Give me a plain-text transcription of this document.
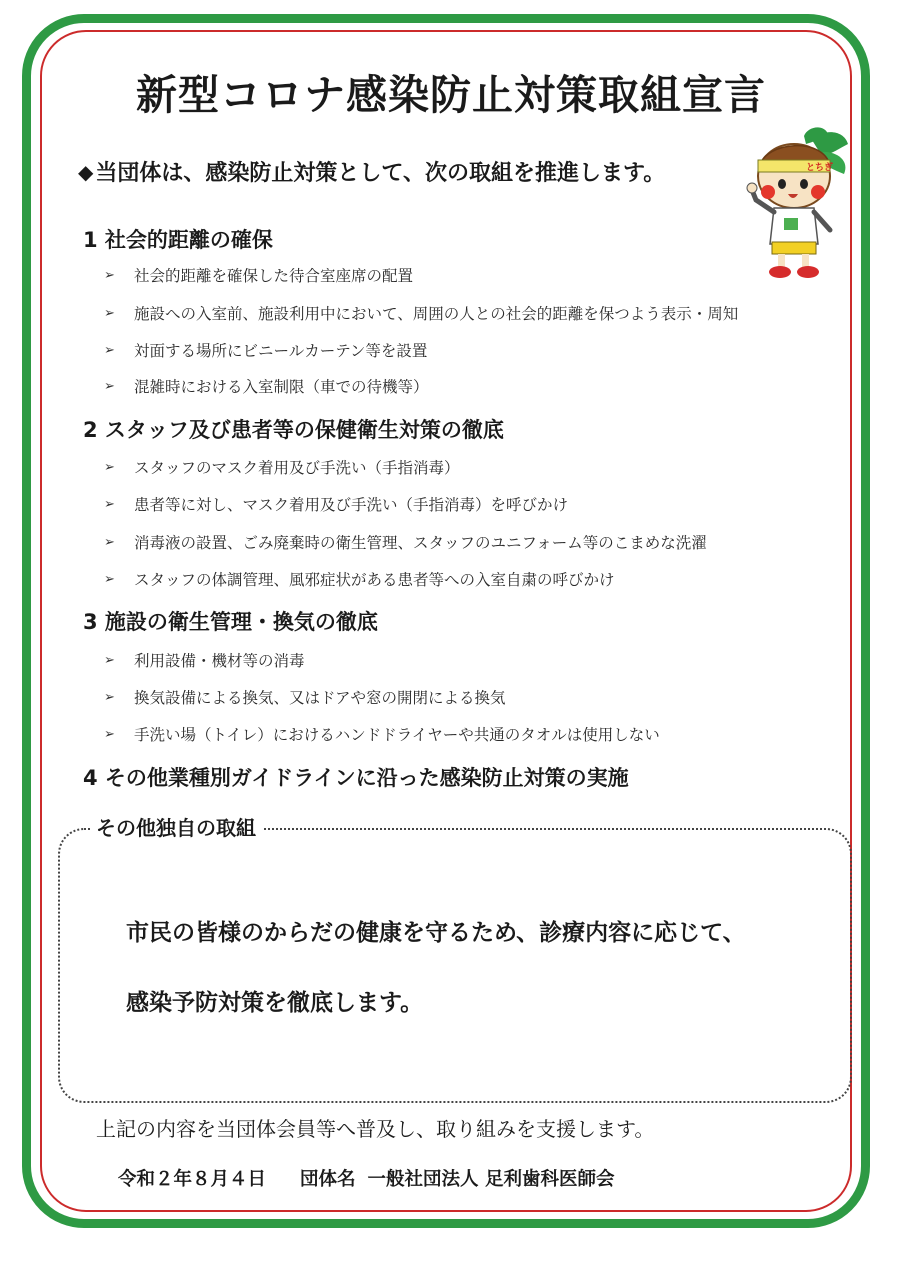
新型コロナ感染防止対策取組宣言
◆ 当団体は、感染防止対策として、次の取組を推進します。	とちぎ
1 社会的距離の確保
➢	社会的距離を確保した待合室座席の配置
➢	施設への入室前、施設利用中において、周囲の人との社会的距離を保つよう表示・周知
➢	対面する場所にビニールカーテン等を設置
➢	混雑時における入室制限（車での待機等）
2 スタッフ及び患者等の保健衛生対策の徹底
➢	スタッフのマスク着用及び手洗い（手指消毒）
➢	患者等に対し、マスク着用及び手洗い（手指消毒）を呼びかけ
➢	消毒液の設置、ごみ廃棄時の衛生管理、スタッフのユニフォーム等のこまめな洗濯
➢	スタッフの体調管理、風邪症状がある患者等への入室自粛の呼びかけ
3 施設の衛生管理・換気の徹底
➢	利用設備・機材等の消毒
➢	換気設備による換気、又はドアや窓の開閉による換気
➢	手洗い場（トイレ）におけるハンドドライヤーや共通のタオルは使用しない
4 その他業種別ガイドラインに沿った感染防止対策の実施
その他独自の取組
市民の皆様のからだの健康を守るため、診療内容に応じて、
感染予防対策を徹底します。
上記の内容を当団体会員等へ普及し、取り組みを支援します。
令和２年８月４日 団体名 一般社団法人 足利歯科医師会
